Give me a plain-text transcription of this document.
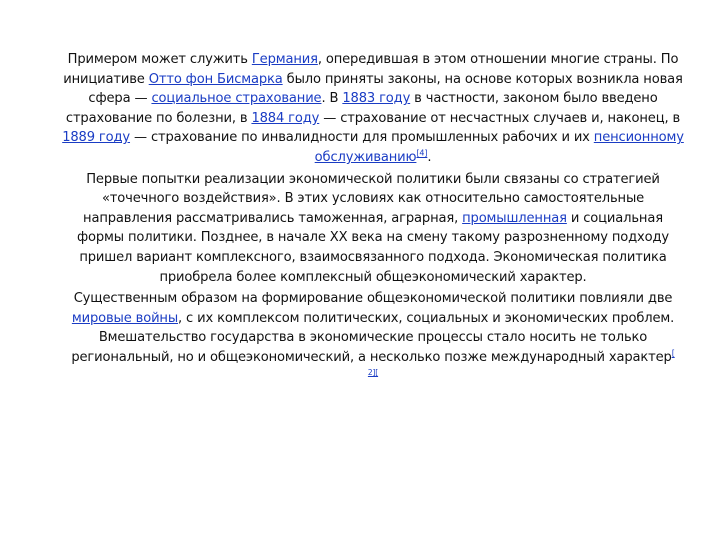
Примером может служить Германия, опередившая в этом отношении многие страны. По инициативе Отто фон Бисмарка было приняты законы, на основе которых возникла новая сфера — социальное страхование. В 1883 году в частности, законом было введено страхование по болезни, в 1884 году — страхование от несчастных случаев и, наконец, в 1889 году — страхование по инвалидности для промышленных рабочих и их пенсионному обслуживанию[4].

Первые попытки реализации экономической политики были связаны со стратегией «точечного воздействия». В этих условиях как относительно самостоятельные направления рассматривались таможенная, аграрная, промышленная и социальная формы политики. Позднее, в начале XX века на смену такому разрозненному подходу пришел вариант комплексного, взаимосвязанного подхода. Экономическая политика приобрела более комплексный общеэкономический характер.

Существенным образом на формирование общеэкономической политики повлияли две мировые войны, с их комплексом политических, социальных и экономических проблем. Вмешательство государства в экономические процессы стало носить не только региональный, но и общеэкономический, а несколько позже международный характер[
2][
